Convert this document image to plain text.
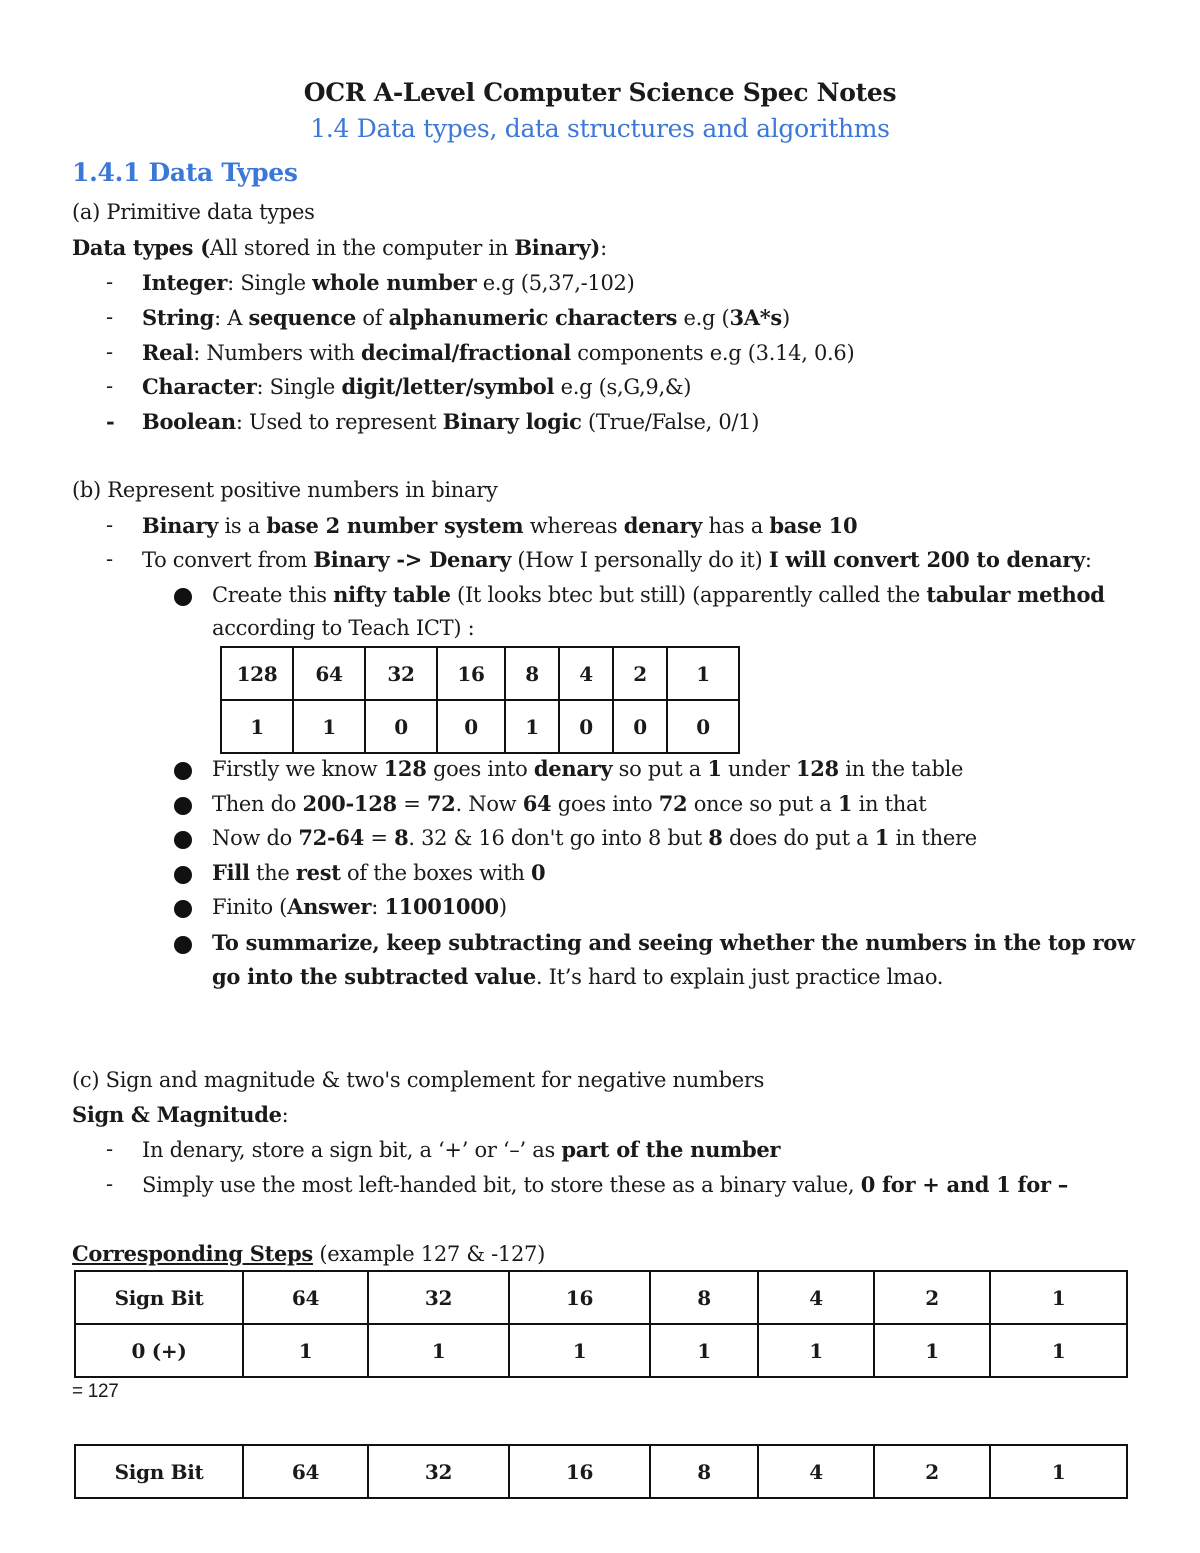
OCR A-Level Computer Science Spec Notes
1.4 Data types, data structures and algorithms
1.4.1 Data Types
(a) Primitive data types
Data types (All stored in the computer in Binary):
- Integer: Single whole number e.g (5,37,-102)
- String: A sequence of alphanumeric characters e.g (3A*s)
- Real: Numbers with decimal/fractional components e.g (3.14, 0.6)
- Character: Single digit/letter/symbol e.g (s,G,9,&)
- Boolean: Used to represent Binary logic (True/False, 0/1)
(b) Represent positive numbers in binary
- Binary is a base 2 number system whereas denary has a base 10
- To convert from Binary -> Denary (How I personally do it) I will convert 200 to denary:
Create this nifty table (It looks btec but still) (apparently called the tabular method
according to Teach ICT) :
128	64	32	16	8	4	2	1
1	1	0	0	1	0	0	0
Firstly we know 128 goes into denary so put a 1 under 128 in the table
Then do 200-128 = 72. Now 64 goes into 72 once so put a 1 in that
Now do 72-64 = 8. 32 & 16 don't go into 8 but 8 does do put a 1 in there
Fill the rest of the boxes with 0
Finito (Answer: 11001000)
To summarize, keep subtracting and seeing whether the numbers in the top row
go into the subtracted value. It’s hard to explain just practice lmao.
(c) Sign and magnitude & two's complement for negative numbers
Sign & Magnitude:
- In denary, store a sign bit, a ‘+’ or ‘–’ as part of the number
- Simply use the most left-handed bit, to store these as a binary value, 0 for + and 1 for –
Corresponding Steps (example 127 & -127)
Sign Bit	64	32	16	8	4	2	1
0 (+)	1	1	1	1	1	1	1
= 127
Sign Bit	64	32	16	8	4	2	1
